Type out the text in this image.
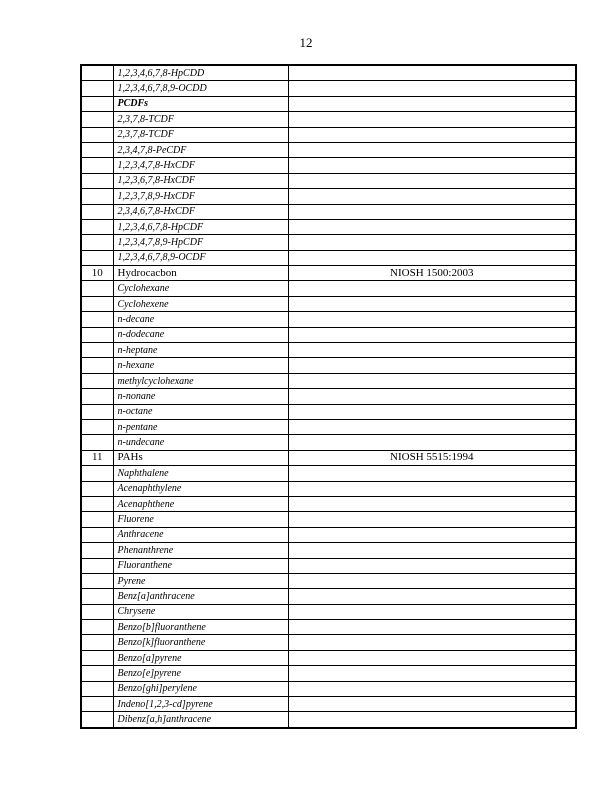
12
	1,2,3,4,6,7,8-HpCDD	
	1,2,3,4,6,7,8,9-OCDD	
	PCDFs	
	2,3,7,8-TCDF	
	2,3,7,8-TCDF	
	2,3,4,7,8-PeCDF	
	1,2,3,4,7,8-HxCDF	
	1,2,3,6,7,8-HxCDF	
	1,2,3,7,8,9-HxCDF	
	2,3,4,6,7,8-HxCDF	
	1,2,3,4,6,7,8-HpCDF	
	1,2,3,4,7,8,9-HpCDF	
	1,2,3,4,6,7,8,9-OCDF	
10	Hydrocacbon	NIOSH 1500:2003
	Cyclohexane	
	Cyclohexene	
	n-decane	
	n-dodecane	
	n-heptane	
	n-hexane	
	methylcyclohexane	
	n-nonane	
	n-octane	
	n-pentane	
	n-undecane	
11	PAHs	NIOSH 5515:1994
	Naphthalene	
	Acenaphthylene	
	Acenaphthene	
	Fluorene	
	Anthracene	
	Phenanthrene	
	Fluoranthene	
	Pyrene	
	Benz[a]anthracene	
	Chrysene	
	Benzo[b]fluoranthene	
	Benzo[k]fluoranthene	
	Benzo[a]pyrene	
	Benzo[e]pyrene	
	Benzo[ghi]perylene	
	Indeno[1,2,3-cd]pyrene	
	Dibenz[a,h]anthracene	
